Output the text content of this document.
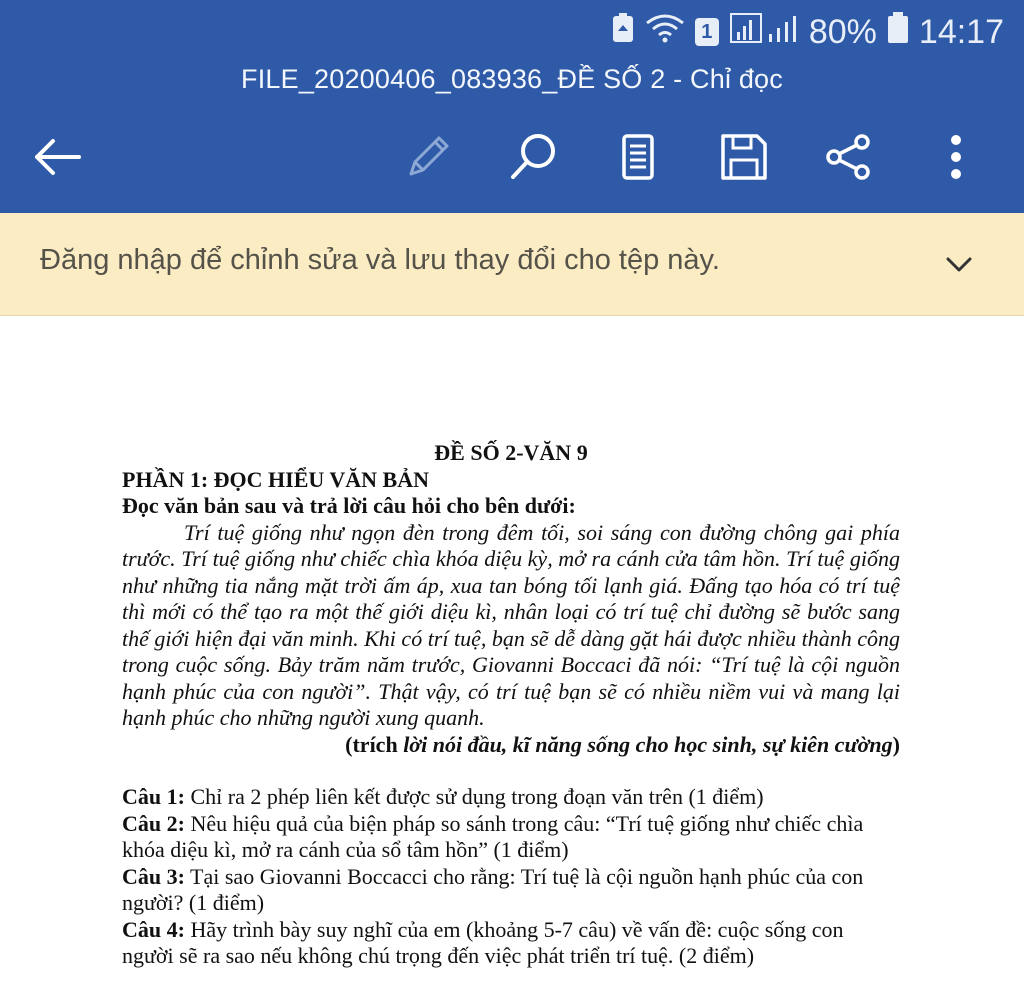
1	80% 14:17
FILE_20200406_083936_ĐỀ SỐ 2 - Chỉ đọc
Đăng nhập để chỉnh sửa và lưu thay đổi cho tệp này.
ĐỀ SỐ 2-VĂN 9
PHẦN 1: ĐỌC HIỂU VĂN BẢN
Đọc văn bản sau và trả lời câu hỏi cho bên dưới:
Trí tuệ giống như ngọn đèn trong đêm tối, soi sáng con đường chông gai phía trước. Trí tuệ giống như chiếc chìa khóa diệu kỳ, mở ra cánh cửa tâm hồn. Trí tuệ giống như những tia nắng mặt trời ấm áp, xua tan bóng tối lạnh giá. Đấng tạo hóa có trí tuệ thì mới có thể tạo ra một thế giới diệu kì, nhân loại có trí tuệ chỉ đường sẽ bước sang thế giới hiện đại văn minh. Khi có trí tuệ, bạn sẽ dễ dàng gặt hái được nhiều thành công trong cuộc sống. Bảy trăm năm trước, Giovanni Boccaci đã nói: “Trí tuệ là cội nguồn hạnh phúc của con người”. Thật vậy, có trí tuệ bạn sẽ có nhiều niềm vui và mang lại hạnh phúc cho những người xung quanh.
(trích lời nói đầu, kĩ năng sống cho học sinh, sự kiên cường)

Câu 1: Chỉ ra 2 phép liên kết được sử dụng trong đoạn văn trên (1 điểm)

Câu 2: Nêu hiệu quả của biện pháp so sánh trong câu: “Trí tuệ giống như chiếc chìa khóa diệu kì, mở ra cánh của sổ tâm hồn” (1 điểm)

Câu 3: Tại sao Giovanni Boccacci cho rằng: Trí tuệ là cội nguồn hạnh phúc của con người? (1 điểm)

Câu 4: Hãy trình bày suy nghĩ của em (khoảng 5-7 câu) về vấn đề: cuộc sống con người sẽ ra sao nếu không chú trọng đến việc phát triển trí tuệ. (2 điểm)
